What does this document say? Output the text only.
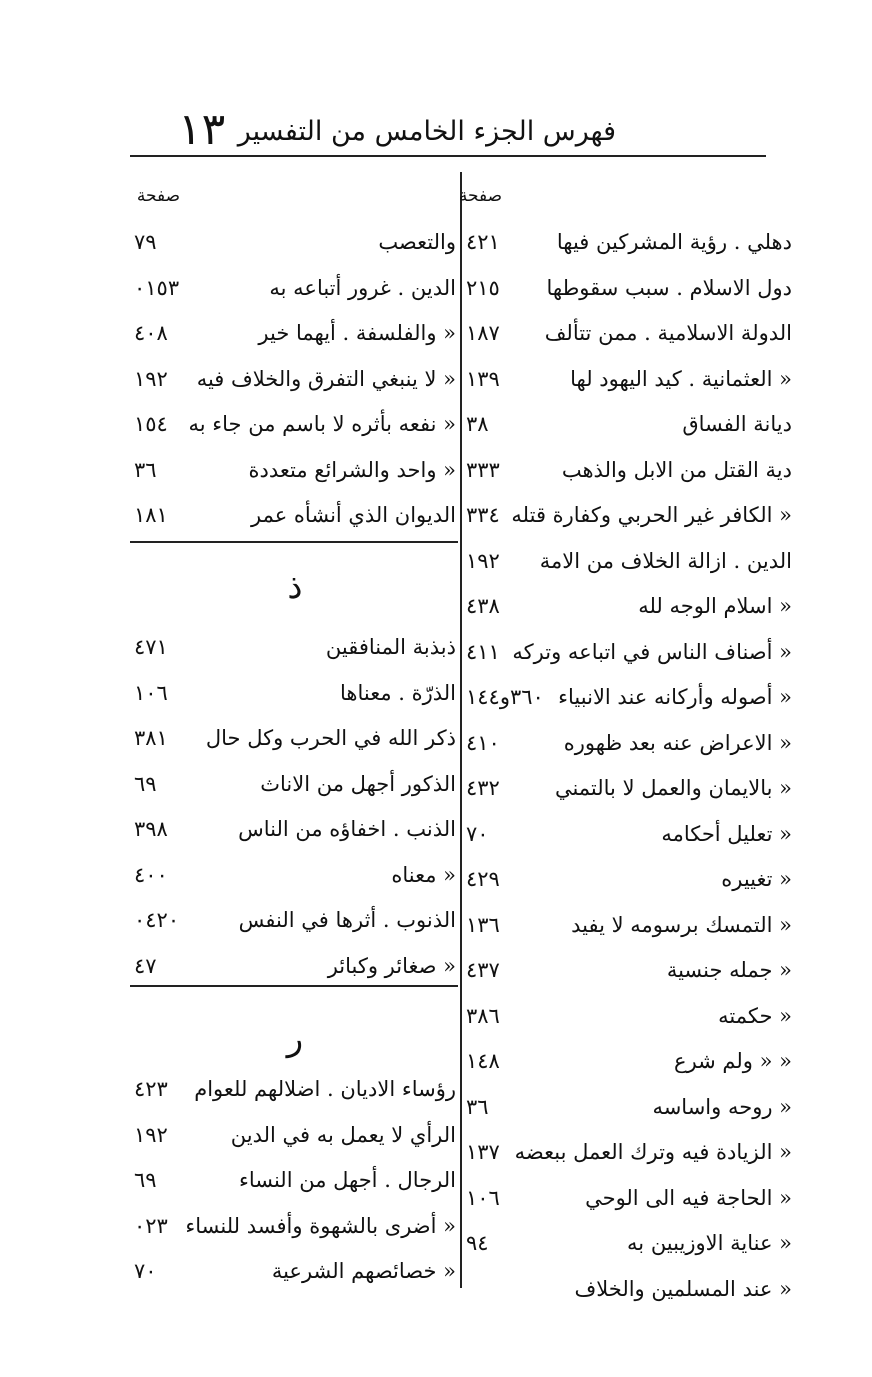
١٣ فهرس الجزء الخامس من التفسير
صفحة
صفحة
دهلي . رؤية المشركين فيها
٤٢١
دول الاسلام . سبب سقوطها
٢١٥
الدولة الاسلامية . ممن تتألف
١٨٧
« العثمانية . كيد اليهود لها
١٣٩
ديانة الفساق
٣٨
دية القتل من الابل والذهب
٣٣٣
« الكافر غير الحربي وكفارة قتله
٣٣٤
الدين . ازالة الخلاف من الامة
١٩٢
« اسلام الوجه لله
٤٣٨
« أصناف الناس في اتباعه وتركه
٤١١
« أصوله وأركانه عند الانبياء
٣٦٠و١٤٤
« الاعراض عنه بعد ظهوره
٤١٠
« بالايمان والعمل لا بالتمني
٤٣٢
« تعليل أحكامه
٧٠
« تغييره
٤٢٩
« التمسك برسومه لا يفيد
١٣٦
« جمله جنسية
٤٣٧
« حكمته
٣٨٦
« « ولم شرع
١٤٨
« روحه واساسه
٣٦
« الزيادة فيه وترك العمل ببعضه
١٣٧
« الحاجة فيه الى الوحي
١٠٦
« عناية الاوزيبين به
٩٤
« عند المسلمين والخلاف
والتعصب
٧٩
الدين . غرور أتباعه به
٠١٥٣
« والفلسفة . أيهما خير
٤٠٨
« لا ينبغي التفرق والخلاف فيه
١٩٢
« نفعه بأثره لا باسم من جاء به
١٥٤
« واحد والشرائع متعددة
٣٦
الديوان الذي أنشأه عمر
١٨١
ذ
ذبذبة المنافقين
٤٧١
الذرّة . معناها
١٠٦
ذكر الله في الحرب وكل حال
٣٨١
الذكور أجهل من الاناث
٦٩
الذنب . اخفاؤه من الناس
٣٩٨
« معناه
٤٠٠
الذنوب . أثرها في النفس
٠٤٢٠
« صغائر وكبائر
٤٧
ر
رؤساء الاديان . اضلالهم للعوام
٤٢٣
الرأي لا يعمل به في الدين
١٩٢
الرجال . أجهل من النساء
٦٩
« أضرى بالشهوة وأفسد للنساء
٠٢٣
« خصائصهم الشرعية
٧٠
